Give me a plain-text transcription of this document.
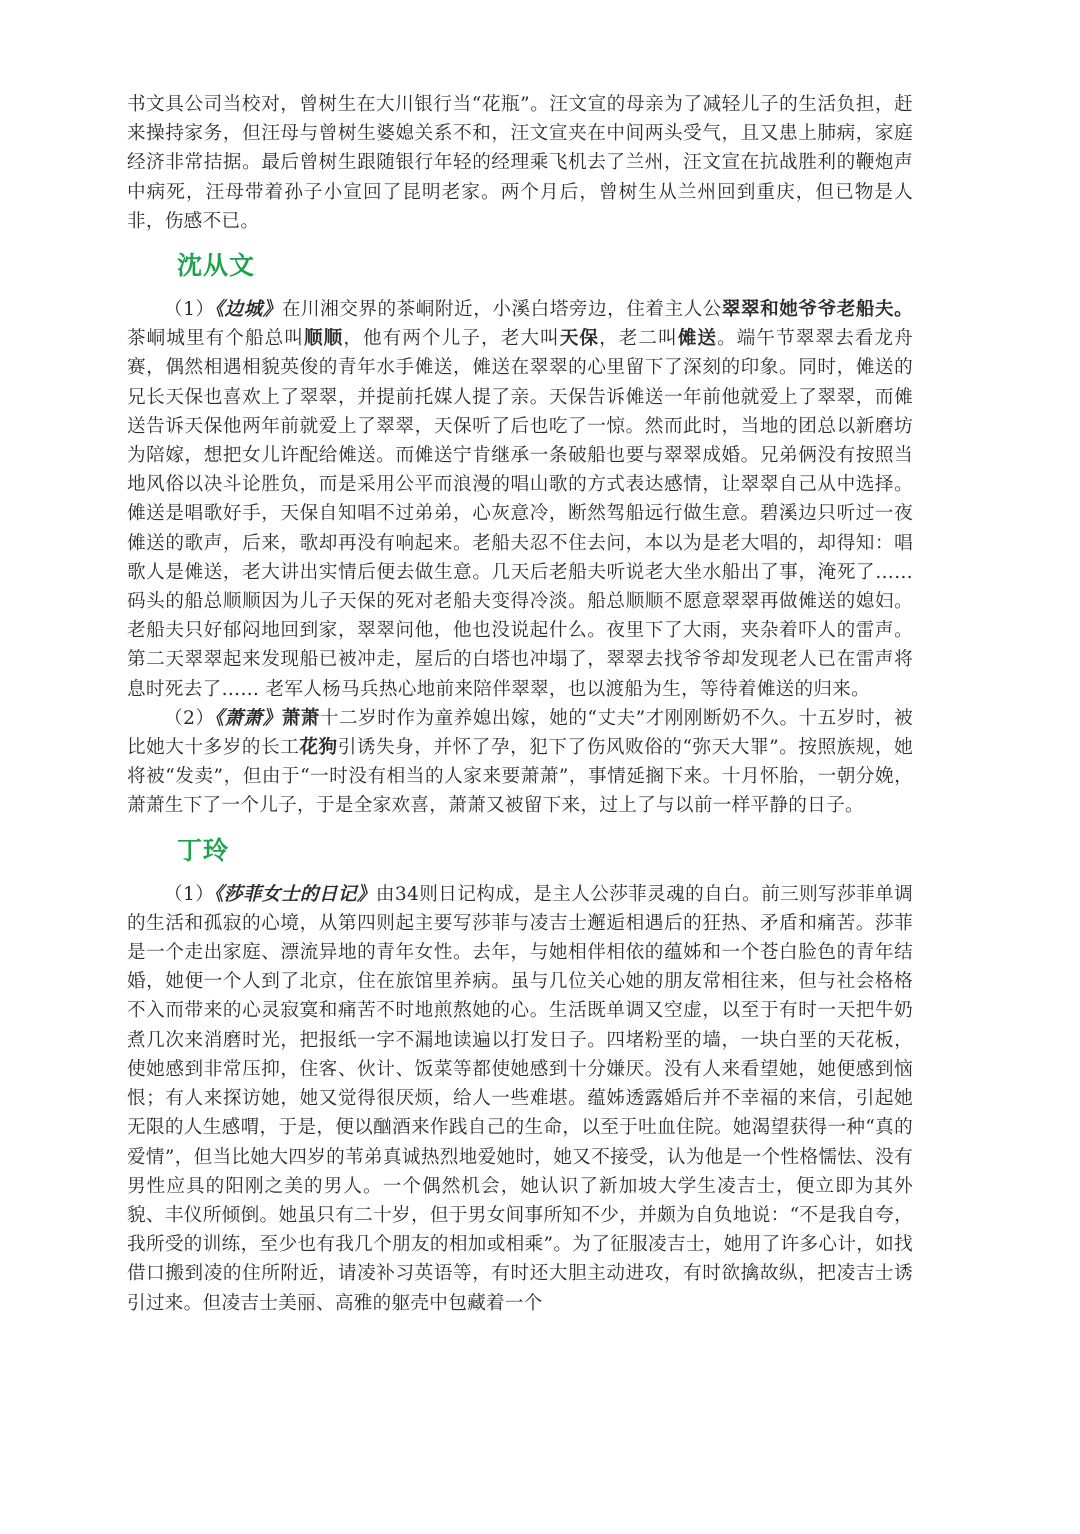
书文具公司当校对，曾树生在大川银行当“花瓶”。汪文宣的母亲为了减轻儿子的生活负担，赶来操持家务，但汪母与曾树生婆媳关系不和，汪文宣夹在中间两头受气，且又患上肺病，家庭经济非常拮据。最后曾树生跟随银行年轻的经理乘飞机去了兰州，汪文宣在抗战胜利的鞭炮声中病死，汪母带着孙子小宣回了昆明老家。两个月后，曾树生从兰州回到重庆，但已物是人非，伤感不已。

沈从文

（1）《边城》在川湘交界的茶峒附近，小溪白塔旁边，住着主人公翠翠和她爷爷老船夫。茶峒城里有个船总叫顺顺，他有两个儿子，老大叫天保，老二叫傩送。端午节翠翠去看龙舟赛，偶然相遇相貌英俊的青年水手傩送，傩送在翠翠的心里留下了深刻的印象。同时，傩送的兄长天保也喜欢上了翠翠，并提前托媒人提了亲。天保告诉傩送一年前他就爱上了翠翠，而傩送告诉天保他两年前就爱上了翠翠，天保听了后也吃了一惊。然而此时，当地的团总以新磨坊为陪嫁，想把女儿许配给傩送。而傩送宁肯继承一条破船也要与翠翠成婚。兄弟俩没有按照当地风俗以决斗论胜负，而是采用公平而浪漫的唱山歌的方式表达感情，让翠翠自己从中选择。傩送是唱歌好手，天保自知唱不过弟弟，心灰意冷，断然驾船远行做生意。碧溪边只听过一夜傩送的歌声，后来，歌却再没有响起来。老船夫忍不住去问，本以为是老大唱的，却得知：唱歌人是傩送，老大讲出实情后便去做生意。几天后老船夫听说老大坐水船出了事，淹死了……码头的船总顺顺因为儿子天保的死对老船夫变得冷淡。船总顺顺不愿意翠翠再做傩送的媳妇。老船夫只好郁闷地回到家，翠翠问他，他也没说起什么。夜里下了大雨，夹杂着吓人的雷声。第二天翠翠起来发现船已被冲走，屋后的白塔也冲塌了，翠翠去找爷爷却发现老人已在雷声将息时死去了…… 老军人杨马兵热心地前来陪伴翠翠，也以渡船为生，等待着傩送的归来。

（2）《萧萧》萧萧十二岁时作为童养媳出嫁，她的“丈夫”才刚刚断奶不久。十五岁时，被比她大十多岁的长工花狗引诱失身，并怀了孕，犯下了伤风败俗的“弥天大罪”。按照族规，她将被“发卖”，但由于“一时没有相当的人家来要萧萧”，事情延搁下来。十月怀胎，一朝分娩，萧萧生下了一个儿子，于是全家欢喜，萧萧又被留下来，过上了与以前一样平静的日子。

丁玲

（1）《莎菲女士的日记》由34则日记构成，是主人公莎菲灵魂的自白。前三则写莎菲单调的生活和孤寂的心境，从第四则起主要写莎菲与凌吉士邂逅相遇后的狂热、矛盾和痛苦。莎菲是一个走出家庭、漂流异地的青年女性。去年，与她相伴相依的蕴姊和一个苍白脸色的青年结婚，她便一个人到了北京，住在旅馆里养病。虽与几位关心她的朋友常相往来，但与社会格格不入而带来的心灵寂寞和痛苦不时地煎熬她的心。生活既单调又空虚，以至于有时一天把牛奶煮几次来消磨时光，把报纸一字不漏地读遍以打发日子。四堵粉垩的墙，一块白垩的天花板，使她感到非常压抑，住客、伙计、饭菜等都使她感到十分嫌厌。没有人来看望她，她便感到恼恨；有人来探访她，她又觉得很厌烦，给人一些难堪。蕴姊透露婚后并不幸福的来信，引起她无限的人生感喟，于是，便以酗酒来作践自己的生命，以至于吐血住院。她渴望获得一种“真的爱情”，但当比她大四岁的苇弟真诚热烈地爱她时，她又不接受，认为他是一个性格懦怯、没有男性应具的阳刚之美的男人。一个偶然机会，她认识了新加坡大学生凌吉士，便立即为其外貌、丰仪所倾倒。她虽只有二十岁，但于男女间事所知不少，并颇为自负地说：“不是我自夸， 我所受的训练，至少也有我几个朋友的相加或相乘”。为了征服凌吉士，她用了许多心计，如找借口搬到凌的住所附近，请凌补习英语等，有时还大胆主动进攻，有时欲擒故纵，把凌吉士诱引过来。但凌吉士美丽、高雅的躯壳中包藏着一个
